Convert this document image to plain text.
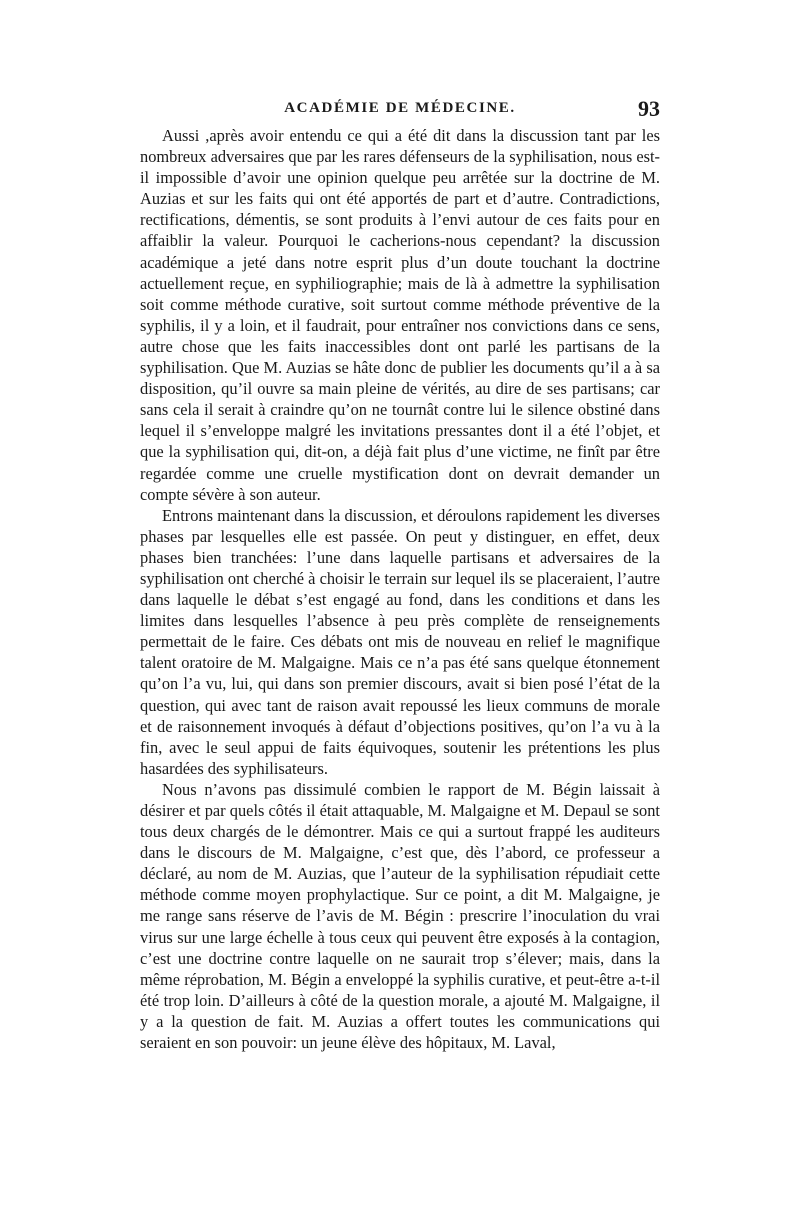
ACADÉMIE DE MÉDECINE.	93

Aussi ,après avoir entendu ce qui a été dit dans la discussion tant par les nombreux adversaires que par les rares défenseurs de la syphilisation, nous est-il impossible d’avoir une opinion quelque peu arrêtée sur la doctrine de M. Auzias et sur les faits qui ont été apportés de part et d’autre. Contradictions, rectifications, démentis, se sont produits à l’envi autour de ces faits pour en affaiblir la valeur. Pourquoi le cacherions-nous cependant? la discussion académique a jeté dans notre esprit plus d’un doute touchant la doctrine actuellement reçue, en syphiliographie; mais de là à admettre la syphilisation soit comme méthode curative, soit surtout comme méthode préventive de la syphilis, il y a loin, et il faudrait, pour entraîner nos convictions dans ce sens, autre chose que les faits inaccessibles dont ont parlé les partisans de la syphilisation. Que M. Auzias se hâte donc de publier les documents qu’il a à sa disposition, qu’il ouvre sa main pleine de vérités, au dire de ses partisans; car sans cela il serait à craindre qu’on ne tournât contre lui le silence obstiné dans lequel il s’enveloppe malgré les invitations pressantes dont il a été l’objet, et que la syphilisation qui, dit-on, a déjà fait plus d’une victime, ne finît par être regardée comme une cruelle mystification dont on devrait demander un compte sévère à son auteur.

Entrons maintenant dans la discussion, et déroulons rapidement les diverses phases par lesquelles elle est passée. On peut y distinguer, en effet, deux phases bien tranchées: l’une dans laquelle partisans et adversaires de la syphilisation ont cherché à choisir le terrain sur lequel ils se placeraient, l’autre dans laquelle le débat s’est engagé au fond, dans les conditions et dans les limites dans lesquelles l’absence à peu près complète de renseignements permettait de le faire. Ces débats ont mis de nouveau en relief le magnifique talent oratoire de M. Malgaigne. Mais ce n’a pas été sans quelque étonnement qu’on l’a vu, lui, qui dans son premier discours, avait si bien posé l’état de la question, qui avec tant de raison avait repoussé les lieux communs de morale et de raisonnement invoqués à défaut d’objections positives, qu’on l’a vu à la fin, avec le seul appui de faits équivoques, soutenir les prétentions les plus hasardées des syphilisateurs.

Nous n’avons pas dissimulé combien le rapport de M. Bégin laissait à désirer et par quels côtés il était attaquable, M. Malgaigne et M. Depaul se sont tous deux chargés de le démontrer. Mais ce qui a surtout frappé les auditeurs dans le discours de M. Malgaigne, c’est que, dès l’abord, ce professeur a déclaré, au nom de M. Auzias, que l’auteur de la syphilisation répudiait cette méthode comme moyen prophylactique. Sur ce point, a dit M. Malgaigne, je me range sans réserve de l’avis de M. Bégin : prescrire l’inoculation du vrai virus sur une large échelle à tous ceux qui peuvent être exposés à la contagion, c’est une doctrine contre laquelle on ne saurait trop s’élever; mais, dans la même réprobation, M. Bégin a enveloppé la syphilis curative, et peut-être a-t-il été trop loin. D’ailleurs à côté de la question morale, a ajouté M. Malgaigne, il y a la question de fait. M. Auzias a offert toutes les communications qui seraient en son pouvoir: un jeune élève des hôpitaux, M. Laval,
